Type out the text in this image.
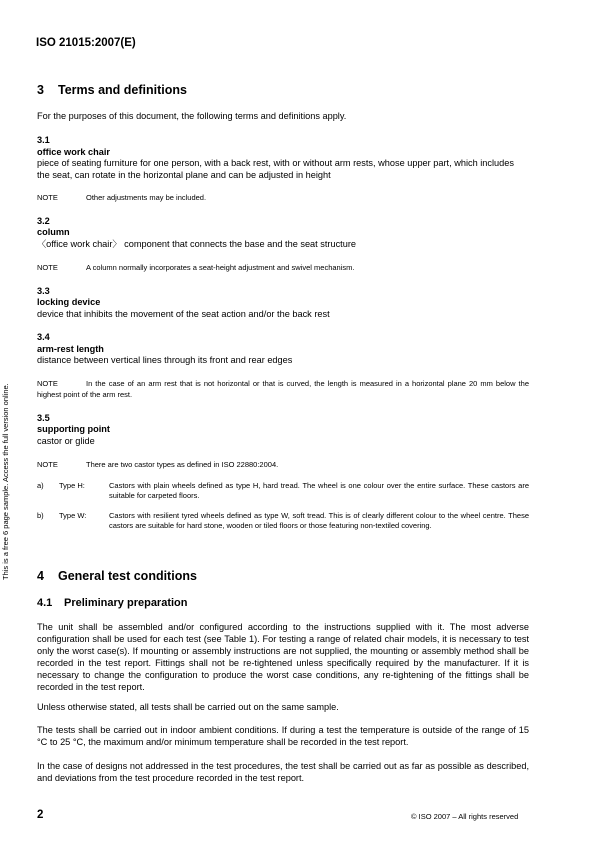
ISO 21015:2007(E)
This is a free 6 page sample. Access the full version online.
3 Terms and definitions
For the purposes of this document, the following terms and definitions apply.
3.1
office work chair
piece of seating furniture for one person, with a back rest, with or without arm rests, whose upper part, which includes the seat, can rotate in the horizontal plane and can be adjusted in height
NOTE	Other adjustments may be included.
3.2
column
〈office work chair〉 component that connects the base and the seat structure
NOTE	A column normally incorporates a seat-height adjustment and swivel mechanism.
3.3
locking device
device that inhibits the movement of the seat action and/or the back rest
3.4
arm-rest length
distance between vertical lines through its front and rear edges
NOTE	In the case of an arm rest that is not horizontal or that is curved, the length is measured in a horizontal plane 20 mm below the highest point of the arm rest.
3.5
supporting point
castor or glide
NOTE	There are two castor types as defined in ISO 22880:2004.
a) Type H:	Castors with plain wheels defined as type H, hard tread. The wheel is one colour over the entire surface. These castors are suitable for carpeted floors.
b) Type W:	Castors with resilient tyred wheels defined as type W, soft tread. This is of clearly different colour to the wheel centre. These castors are suitable for hard stone, wooden or tiled floors or those featuring non-textiled covering.
4 General test conditions
4.1 Preliminary preparation
The unit shall be assembled and/or configured according to the instructions supplied with it. The most adverse configuration shall be used for each test (see Table 1). For testing a range of related chair models, it is necessary to test only the worst case(s). If mounting or assembly instructions are not supplied, the mounting or assembly method shall be recorded in the test report. Fittings shall not be re-tightened unless specifically required by the manufacturer. If it is necessary to change the configuration to produce the worst case conditions, any re-tightening of the fittings shall be recorded in the test report.
Unless otherwise stated, all tests shall be carried out on the same sample.
The tests shall be carried out in indoor ambient conditions. If during a test the temperature is outside of the range of 15 °C to 25 °C, the maximum and/or minimum temperature shall be recorded in the test report.
In the case of designs not addressed in the test procedures, the test shall be carried out as far as possible as described, and deviations from the test procedure recorded in the test report.
2	© ISO 2007 – All rights reserved
